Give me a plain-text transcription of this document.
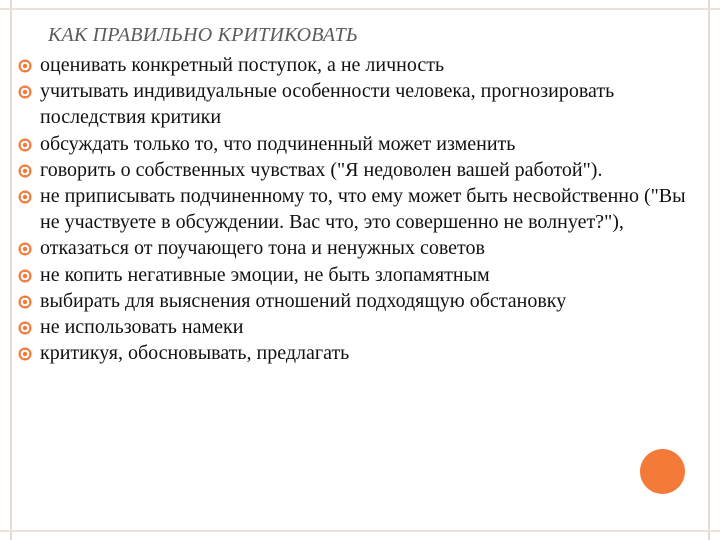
КАК ПРАВИЛЬНО КРИТИКОВАТЬ
оценивать конкретный поступок, а не личность
учитывать индивидуальные особенности человека, прогнозировать последствия критики
обсуждать только то, что подчиненный может изменить
говорить о собственных чувствах ("Я недоволен вашей работой").
не приписывать подчиненному то, что ему может быть несвойственно ("Вы не участвуете в обсуждении. Вас что, это совершенно не волнует?"),
отказаться от поучающего тона и ненужных советов
не копить негативные эмоции, не быть злопамятным
выбирать для выяснения отношений подходящую обстановку
не использовать намеки
критикуя, обосновывать, предлагать
